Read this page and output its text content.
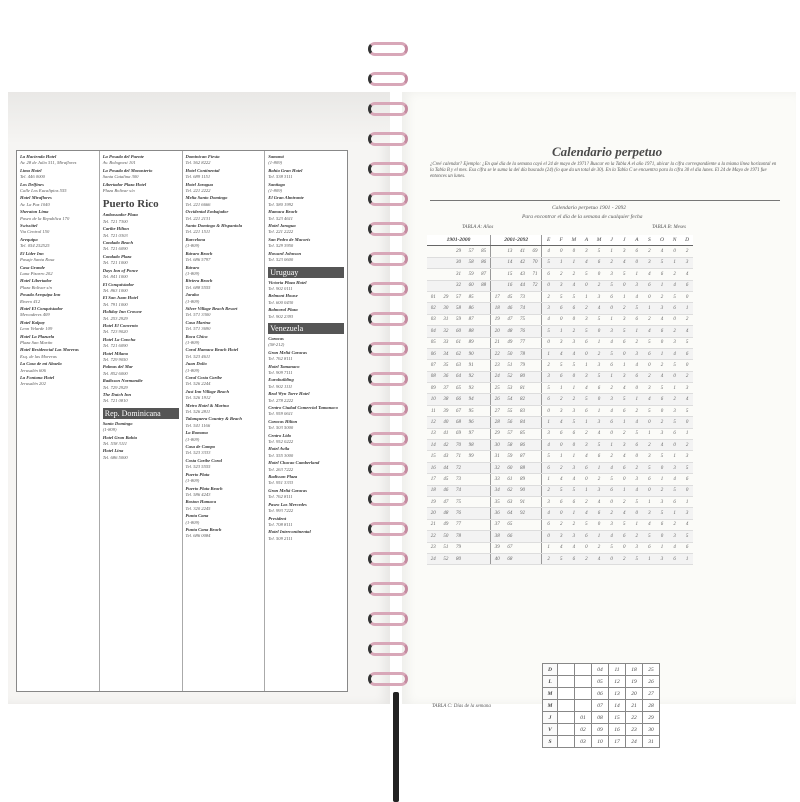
La Hacienda Hotel
Av. 28 de Julio 511, Miraflores
Lima Hotel
Tel. 446 0000
Los Delfines
Calle Los Eucaliptos 555
Hotel Miraflores
Av. La Paz 1040
Sheraton Lima
Paseo de la Republica 170
Swissôtel
Via Central 150
Arequipa
Tel. 054 252525
El Lider Inn
Pasaje Santa Rosa
Casa Grande
Luna Pizarro 202
Hotel Libertador
Plaza Bolivar s/n
Posada Arequipa Inn
Rivero 412
Hotel El Conquistador
Mercaderes 409
Hotel Kalpay
Leon Velarde 109
Hotel La Plazuela
Plaza San Martin
Hotel Residencial Las Moreras
Esq. de las Moreras
La Casa de mi Abuela
Jerusalén 606
La Fontana Hotel
Jerusalén 202
La Posada del Puente
Av. Bolognesi 101
La Posada del Monasterio
Santa Catalina 300
Libertador Plaza Hotel
Plaza Bolivar s/n
Puerto Rico
Ambassador Plaza
Tel. 721 7300
Caribe Hilton
Tel. 721 0303
Condado Beach
Tel. 721 6090
Condado Plaza
Tel. 721 1000
Days Inn of Ponce
Tel. 841 1000
El Conquistador
Tel. 863 1000
El San Juan Hotel
Tel. 791 1000
Holiday Inn Crowne
Tel. 253 2929
Hotel El Convento
Tel. 723 9020
Hotel La Concha
Tel. 721 6090
Hotel Milano
Tel. 729 9050
Palmas del Mar
Tel. 852 6000
Radisson Normandie
Tel. 729 2929
The Dutch Inn
Tel. 721 0810
Rep. Dominicana
Santo Domingo
(1-809)
Hotel Gran Bahia
Tel. 538 3111
Hotel Lina
Tel. 686 5000
Dominican Fiesta
Tel. 562 8222
Hotel Continental
Tel. 689 1151
Hotel Jaragua
Tel. 221 2222
Melia Santo Domingo
Tel. 221 6666
Occidental Embajador
Tel. 221 2131
Santo Domingo & Hispaniola
Tel. 221 1511
Barcelona
(1-809)
Bávaro Beach
Tel. 686 5797
Bávaro
(1-809)
Riviera Beach
Tel. 688 5555
Jaraba
(1-809)
Silver Village Beach Resort
Tel. 571 3300
Casa Marina
Tel. 571 3690
Boca Chica
(1-809)
Coral Hamaca Beach Hotel
Tel. 523 4611
Juan Dolio
(1-809)
Coral Costa Caribe
Tel. 526 2244
Just Inn Village Beach
Tel. 526 1912
Metro Hotel & Marina
Tel. 526 2811
Talanquera Country & Beach
Tel. 541 1166
La Romana
(1-809)
Casa de Campo
Tel. 523 3333
Costa Caribe Coral
Tel. 523 5555
Puerto Plata
(1-809)
Puerto Plata Beach
Tel. 586 4243
Boston Hamaca
Tel. 320 2245
Punta Cana
(1-809)
Punta Cana Beach
Tel. 686 0084
Samaná
(1-809)
Bahia Gran Hotel
Tel. 538 3111
Santiago
(1-809)
El Gran Almirante
Tel. 580 1992
Hamaca Beach
Tel. 523 4611
Hotel Jaragua
Tel. 221 2222
San Pedro de Macorís
Tel. 529 3950
Howard Johnson
Tel. 523 0600
Uruguay
Victoria Plaza Hotel
Tel. 902 0111
Belmont House
Tel. 600 0430
Balmoral Plaza
Tel. 902 2393
Venezuela
Caracas
(58-212)
Gran Meliá Caracas
Tel. 762 8111
Hotel Tamanaco
Tel. 909 7111
Eurobuilding
Tel. 902 1111
Real Wyn Torre Hotel
Tel. 278 2222
Centro Ciudad Comercial Tamanaco
Tel. 959 0611
Caracas Hilton
Tel. 503 5000
Centro Lido
Tel. 952 0222
Hotel Avila
Tel. 555 3000
Hotel Chacao Cumberland
Tel. 263 7222
Radisson Plaza
Tel. 951 3333
Gran Meliá Caracas
Tel. 762 8111
Paseo Las Mercedes
Tel. 993 7222
President
Tel. 708 8111
Hotel Intercontinental
Tel. 509 2111
Calendario perpetuo
¿Creé calendar? Ejemplo: ¿En qué día de la semana cayó el 24 de mayo de 1971? Buscar en la Tabla A el año 1971, ubicar la cifra correspondiente a la misma línea horizontal en la Tabla B y el mes. Esa cifra se le suma la del día buscado (24) (lo que da un total de 30). En la Tabla C se encuentra para la cifra 30 el día lunes. El 24 de Mayo de 1971 fue entonces un lunes.
Calendario perpetuo 1901 - 2092
Para encontrar el día de la semana de cualquier fecha
TABLA A: Años	TABLA B: Meses
1901-2000					2001-2092				E	F	M	A	M	J	J	A	S	O	N	D
		29	57	85		13	41	69	4	0	0	3	5	1	3	6	2	4	0	2
		30	58	86		14	42	70	5	1	1	4	6	2	4	0	3	5	1	3
		31	59	87		15	43	71	6	2	2	5	0	3	5	1	4	6	2	4
		32	60	88		16	44	72	0	3	4	0	2	5	0	3	6	1	4	6
01	29	57	85		17	45	73		2	5	5	1	3	6	1	4	0	2	5	0
02	30	58	86		18	46	74		3	6	6	2	4	0	2	5	1	3	6	1
03	31	59	87		19	47	75		4	0	0	3	5	1	3	6	2	4	0	2
04	32	60	88		20	48	76		5	1	2	5	0	3	5	1	4	6	2	4
05	33	61	89		21	49	77		0	3	3	6	1	4	6	2	5	0	3	5
06	34	62	90		22	50	78		1	4	4	0	2	5	0	3	6	1	4	6
07	35	63	91		23	51	79		2	5	5	1	3	6	1	4	0	2	5	0
08	36	64	92		24	52	80		3	6	0	3	5	1	3	6	2	4	0	2
09	37	65	93		25	53	81		5	1	1	4	6	2	4	0	3	5	1	3
10	38	66	94		26	54	82		6	2	2	5	0	3	5	1	4	6	2	4
11	39	67	95		27	55	83		0	3	3	6	1	4	6	2	5	0	3	5
12	40	68	96		28	56	84		1	4	5	1	3	6	1	4	0	2	5	0
13	41	69	97		29	57	85		3	6	6	2	4	0	2	5	1	3	6	1
14	42	70	98		30	58	86		4	0	0	3	5	1	3	6	2	4	0	2
15	43	71	99		31	59	87		5	1	1	4	6	2	4	0	3	5	1	3
16	44	72			32	60	88		6	2	3	6	1	4	6	2	5	0	3	5
17	45	73			33	61	89		1	4	4	0	2	5	0	3	6	1	4	6
18	46	74			34	62	90		2	5	5	1	3	6	1	4	0	2	5	0
19	47	75			35	63	91		3	6	6	2	4	0	2	5	1	3	6	1
20	48	76			36	64	92		4	0	1	4	6	2	4	0	3	5	1	3
21	49	77			37	65			6	2	2	5	0	3	5	1	4	6	2	4
22	50	78			38	66			0	3	3	6	1	4	6	2	5	0	3	5
23	51	79			39	67			1	4	4	0	2	5	0	3	6	1	4	6
24	52	80			40	68			2	5	6	2	4	0	2	5	1	3	6	1
TABLA C: Días de la semana
D			04	11	18	25
L			05	12	19	26
M			06	13	20	27
M			07	14	21	28
J		01	08	15	22	29
V		02	09	16	23	30
S		03	10	17	24	31
